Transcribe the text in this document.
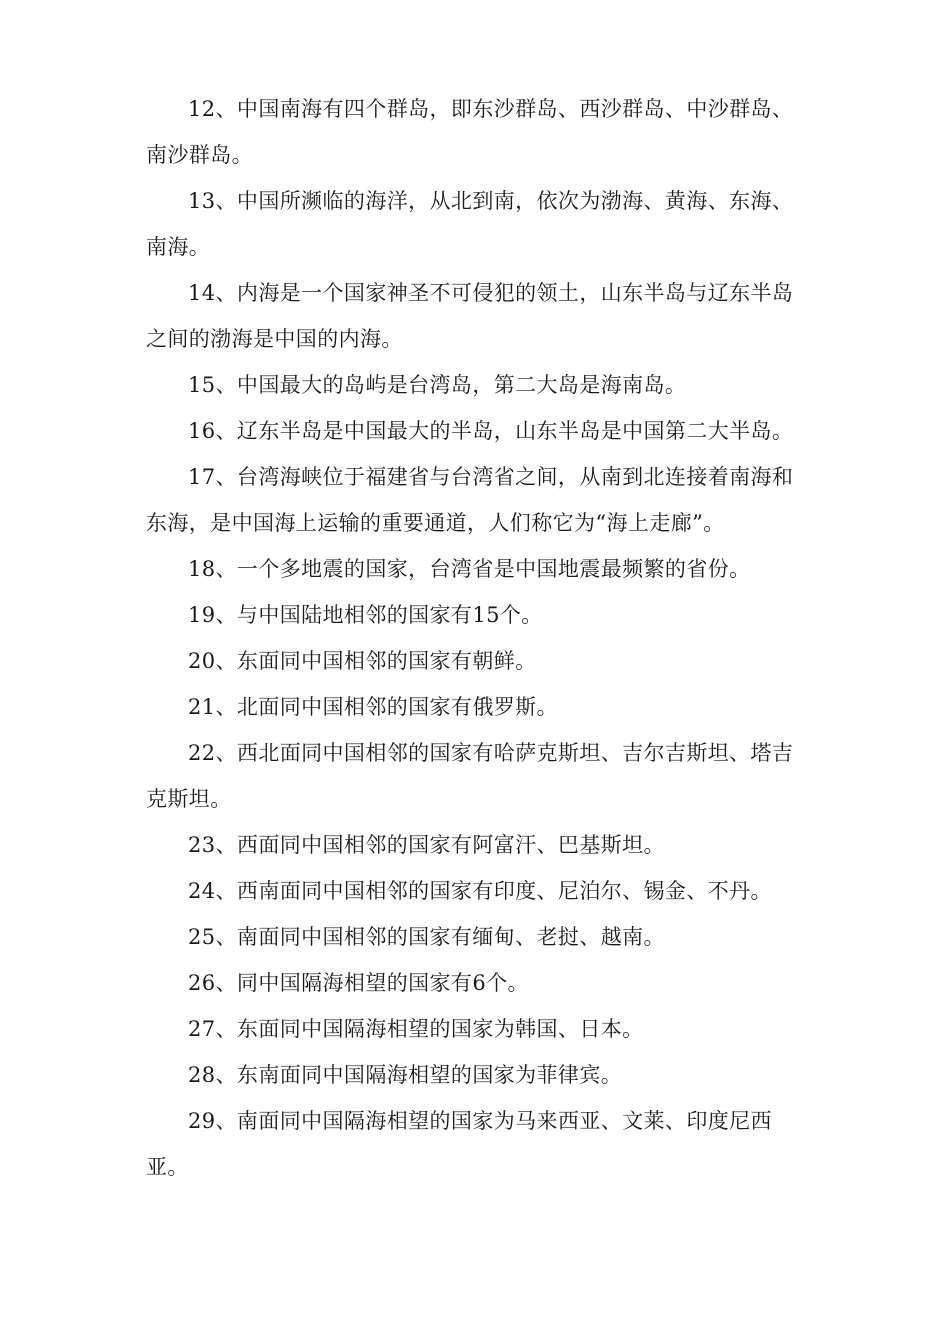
12、中国南海有四个群岛，即东沙群岛、西沙群岛、中沙群岛、南沙群岛。

13、中国所濒临的海洋，从北到南，依次为渤海、黄海、东海、南海。

14、内海是一个国家神圣不可侵犯的领土，山东半岛与辽东半岛之间的渤海是中国的内海。

15、中国最大的岛屿是台湾岛，第二大岛是海南岛。

16、辽东半岛是中国最大的半岛，山东半岛是中国第二大半岛。

17、台湾海峡位于福建省与台湾省之间，从南到北连接着南海和东海，是中国海上运输的重要通道，人们称它为“海上走廊”。

18、一个多地震的国家，台湾省是中国地震最频繁的省份。

19、与中国陆地相邻的国家有15个。

20、东面同中国相邻的国家有朝鲜。

21、北面同中国相邻的国家有俄罗斯。

22、西北面同中国相邻的国家有哈萨克斯坦、吉尔吉斯坦、塔吉克斯坦。

23、西面同中国相邻的国家有阿富汗、巴基斯坦。

24、西南面同中国相邻的国家有印度、尼泊尔、锡金、不丹。

25、南面同中国相邻的国家有缅甸、老挝、越南。

26、同中国隔海相望的国家有6个。

27、东面同中国隔海相望的国家为韩国、日本。

28、东南面同中国隔海相望的国家为菲律宾。

29、南面同中国隔海相望的国家为马来西亚、文莱、印度尼西亚。
